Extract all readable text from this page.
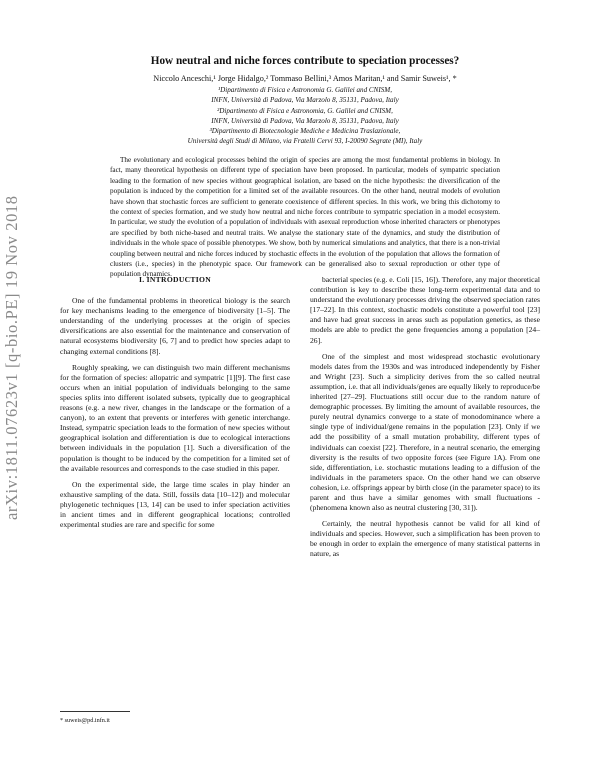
arXiv:1811.07623v1 [q-bio.PE] 19 Nov 2018
How neutral and niche forces contribute to speciation processes?
Niccolo Anceschi,¹ Jorge Hidalgo,² Tommaso Bellini,³ Amos Maritan,¹ and Samir Suweis¹, *
¹Dipartimento di Fisica e Astronomia G. Galilei and CNISM,
INFN, Università di Padova, Via Marzolo 8, 35131, Padova, Italy
²Dipartimento di Fisica e Astronomia, G. Galilei and CNISM,
INFN, Università di Padova, Via Marzolo 8, 35131, Padova, Italy
³Dipartimento di Biotecnologie Mediche e Medicina Traslazionale,
Università degli Studi di Milano, via Fratelli Cervi 93, I-20090 Segrate (MI), Italy
The evolutionary and ecological processes behind the origin of species are among the most fundamental problems in biology. In fact, many theoretical hypothesis on different type of speciation have been proposed. In particular, models of sympatric speciation leading to the formation of new species without geographical isolation, are based on the niche hypothesis: the diversification of the population is induced by the competition for a limited set of the available resources. On the other hand, neutral models of evolution have shown that stochastic forces are sufficient to generate coexistence of different species. In this work, we bring this dichotomy to the context of species formation, and we study how neutral and niche forces contribute to sympatric speciation in a model ecosystem. In particular, we study the evolution of a population of individuals with asexual reproduction whose inherited characters or phenotypes are specified by both niche-based and neutral traits. We analyse the stationary state of the dynamics, and study the distribution of individuals in the whole space of possible phenotypes. We show, both by numerical simulations and analytics, that there is a non-trivial coupling between neutral and niche forces induced by stochastic effects in the evolution of the population that allows the formation of clusters (i.e., species) in the phenotypic space. Our framework can be generalised also to sexual reproduction or other type of population dynamics.
I. INTRODUCTION

One of the fundamental problems in theoretical biology is the search for key mechanisms leading to the emergence of biodiversity [1–5]. The understanding of the underlying processes at the origin of species diversifications are also essential for the maintenance and conservation of natural ecosystems biodiversity [6, 7] and to predict how species adapt to changing external conditions [8].

Roughly speaking, we can distinguish two main different mechanisms for the formation of species: allopatric and sympatric [1][9]. The first case occurs when an initial population of individuals belonging to the same species splits into different isolated subsets, typically due to geographical reasons (e.g. a new river, changes in the landscape or the formation of a canyon), to an extent that prevents or interferes with genetic interchange. Instead, sympatric speciation leads to the formation of new species without geographical isolation and differentiation is due to ecological interactions between individuals in the population [1]. Such a diversification of the population is thought to be induced by the competition for a limited set of the available resources and corresponds to the case studied in this paper.

On the experimental side, the large time scales in play hinder an exhaustive sampling of the data. Still, fossils data [10–12]) and molecular phylogenetic techniques [13, 14] can be used to infer speciation activities in ancient times and in different geographical locations; controlled experimental studies are rare and specific for some

bacterial species (e.g. e. Coli [15, 16]). Therefore, any major theoretical contribution is key to describe these long-term experimental data and to understand the evolutionary processes driving the observed speciation rates [17–22]. In this context, stochastic models constitute a powerful tool [23] and have had great success in areas such as population genetics, as these models are able to predict the gene frequencies among a population [24–26].

One of the simplest and most widespread stochastic evolutionary models dates from the 1930s and was introduced independently by Fisher and Wright [23]. Such a simplicity derives from the so called neutral assumption, i.e. that all individuals/genes are equally likely to reproduce/be inherited [27–29]. Fluctuations still occur due to the random nature of demographic processes. By limiting the amount of available resources, the purely neutral dynamics converge to a state of monodominance where a single type of individual/gene remains in the population [23]. Only if we add the possibility of a small mutation probability, different types of individuals can coexist [22]. Therefore, in a neutral scenario, the emerging diversity is the results of two opposite forces (see Figure 1A). From one side, differentiation, i.e. stochastic mutations leading to a diffusion of the individuals in the parameters space. On the other hand we can observe cohesion, i.e. offsprings appear by birth close (in the parameter space) to its parent and thus have a similar genomes with small fluctuations - (phenomena known also as neutral clustering [30, 31]).

Certainly, the neutral hypothesis cannot be valid for all kind of individuals and species. However, such a simplification has been proven to be enough in order to explain the emergence of many statistical patterns in nature, as

* suweis@pd.infn.it
